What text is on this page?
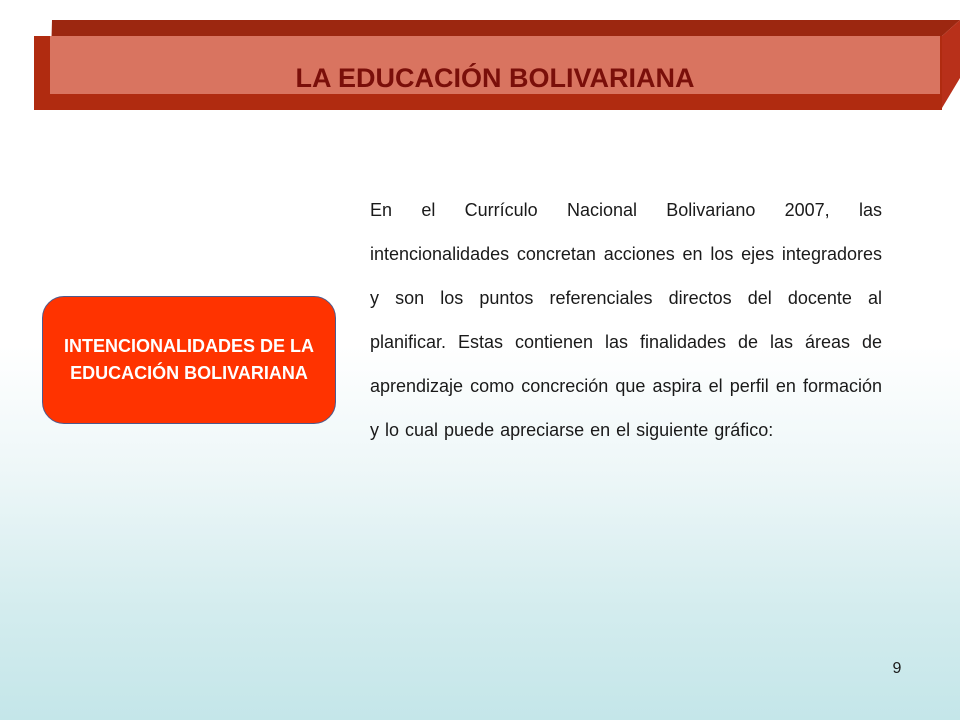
LA EDUCACIÓN BOLIVARIANA
INTENCIONALIDADES DE LA EDUCACIÓN BOLIVARIANA

En el Currículo Nacional Bolivariano 2007, las intencionalidades concretan acciones en los ejes integradores y son los puntos referenciales directos del docente al planificar. Estas contienen las finalidades de las áreas de aprendizaje como concreción que aspira el perfil en formación y lo cual puede apreciarse en el siguiente gráfico:

9
